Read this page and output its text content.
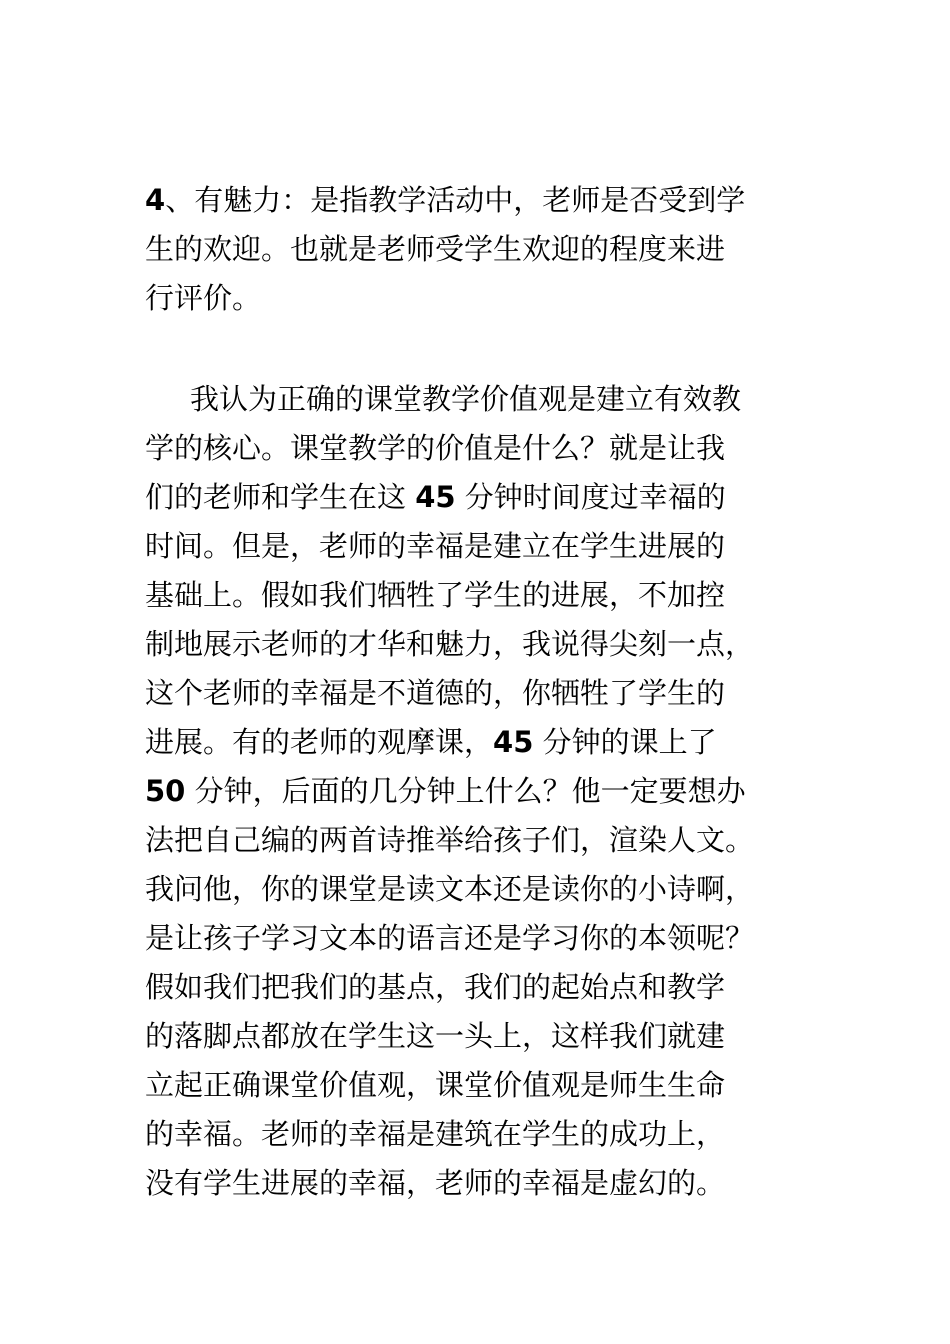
4、有魅力：是指教学活动中，老师是否受到学
生的欢迎。也就是老师受学生欢迎的程度来进
行评价。
我认为正确的课堂教学价值观是建立有效教
学的核心。课堂教学的价值是什么？就是让我
们的老师和学生在这 45 分钟时间度过幸福的
时间。但是，老师的幸福是建立在学生进展的
基础上。假如我们牺牲了学生的进展，不加控
制地展示老师的才华和魅力，我说得尖刻一点，
这个老师的幸福是不道德的，你牺牲了学生的
进展。有的老师的观摩课，45 分钟的课上了
50 分钟，后面的几分钟上什么？他一定要想办
法把自己编的两首诗推举给孩子们，渲染人文。
我问他，你的课堂是读文本还是读你的小诗啊，
是让孩子学习文本的语言还是学习你的本领呢？
假如我们把我们的基点，我们的起始点和教学
的落脚点都放在学生这一头上，这样我们就建
立起正确课堂价值观，课堂价值观是师生生命
的幸福。老师的幸福是建筑在学生的成功上，
没有学生进展的幸福，老师的幸福是虚幻的。
